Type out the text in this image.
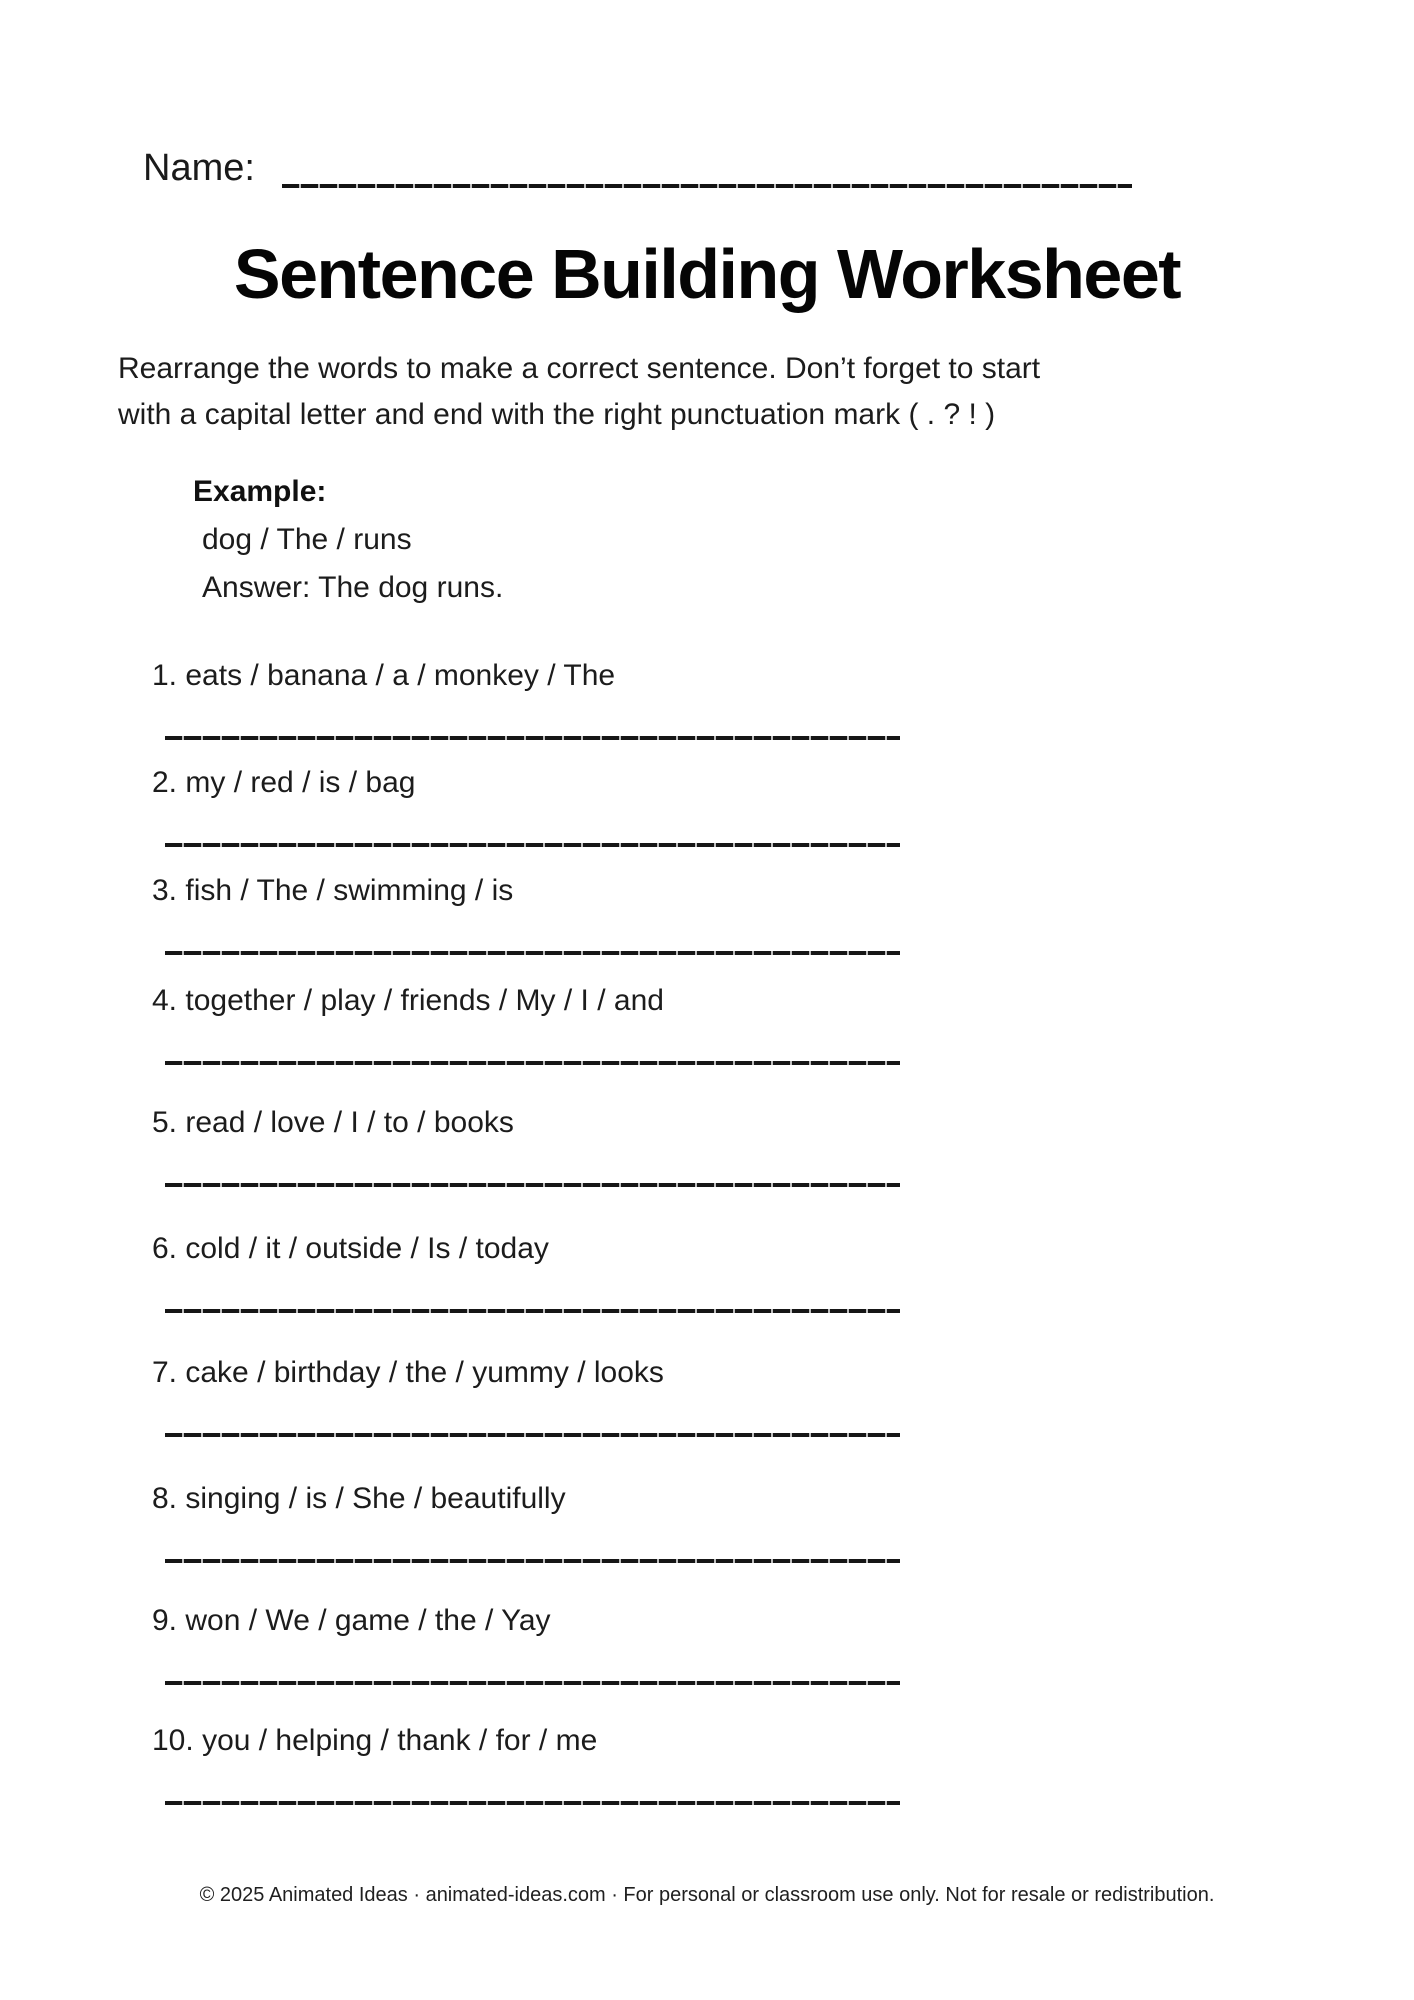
Name:
Sentence Building Worksheet
Rearrange the words to make a correct sentence. Don’t forget to start
with a capital letter and end with the right punctuation mark ( . ? ! )
Example:
dog / The / runs
Answer: The dog runs.
1. eats / banana / a / monkey / The
2. my / red / is / bag
3. fish / The / swimming / is
4. together / play / friends / My / I / and
5. read / love / I / to / books
6. cold / it / outside / Is / today
7. cake / birthday / the / yummy / looks
8. singing / is / She / beautifully
9. won / We / game / the / Yay
10. you / helping / thank / for / me
© 2025 Animated Ideas · animated-ideas.com · For personal or classroom use only. Not for resale or redistribution.
